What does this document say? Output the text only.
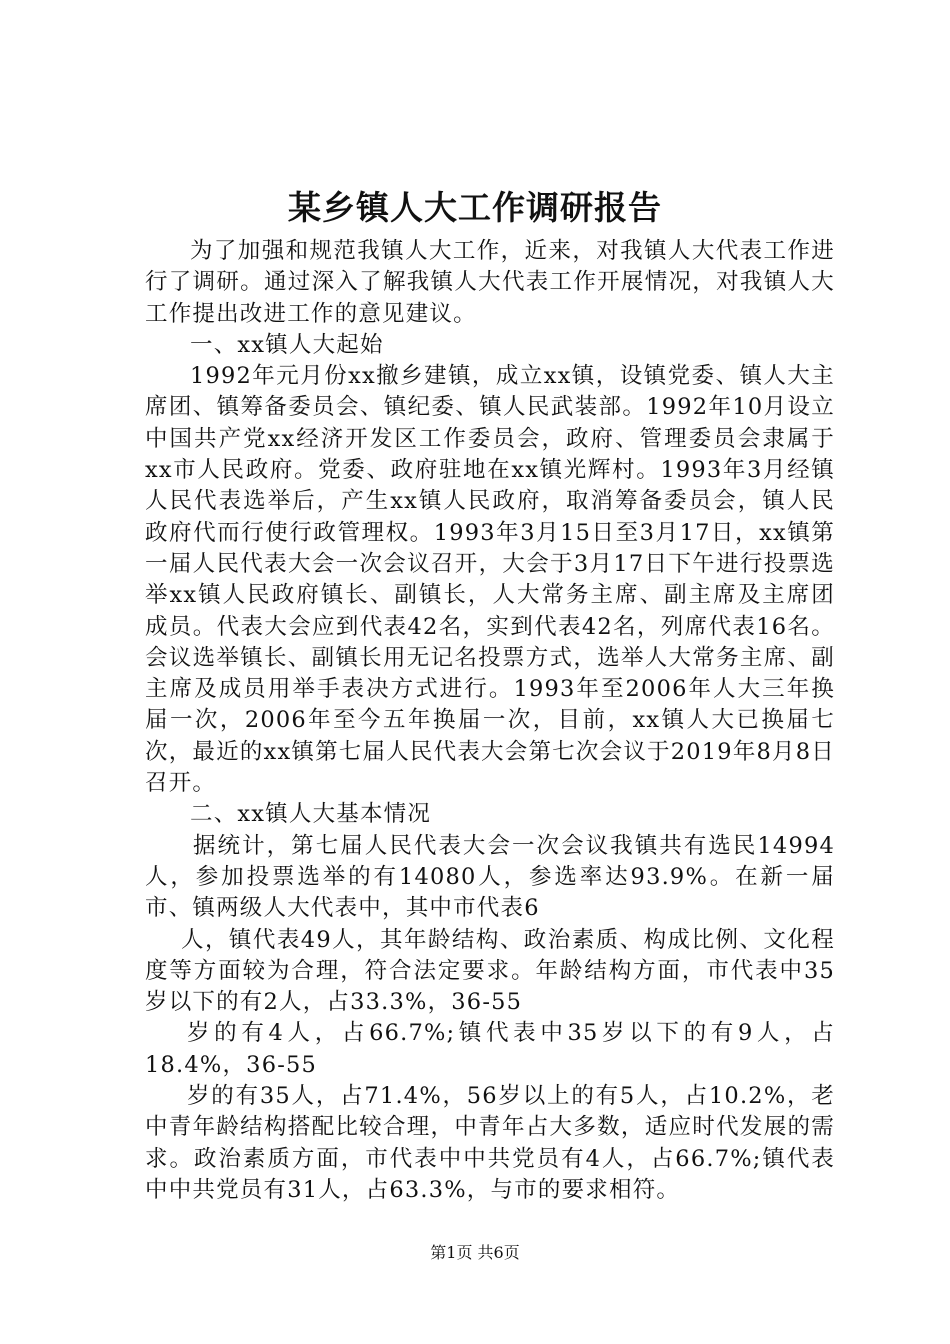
某乡镇人大工作调研报告

为了加强和规范我镇人大工作，近来，对我镇人大代表工作进行了调研。通过深入了解我镇人大代表工作开展情况，对我镇人大工作提出改进工作的意见建议。

一、xx镇人大起始

1992年元月份xx撤乡建镇，成立xx镇，设镇党委、镇人大主席团、镇筹备委员会、镇纪委、镇人民武装部。1992年10月设立中国共产党xx经济开发区工作委员会，政府、管理委员会隶属于xx市人民政府。党委、政府驻地在xx镇光辉村。1993年3月经镇人民代表选举后，产生xx镇人民政府，取消筹备委员会，镇人民政府代而行使行政管理权。1993年3月15日至3月17日，xx镇第一届人民代表大会一次会议召开，大会于3月17日下午进行投票选举xx镇人民政府镇长、副镇长，人大常务主席、副主席及主席团成员。代表大会应到代表42名，实到代表42名，列席代表16名。会议选举镇长、副镇长用无记名投票方式，选举人大常务主席、副主席及成员用举手表决方式进行。1993年至2006年人大三年换届一次，2006年至今五年换届一次，目前，xx镇人大已换届七次，最近的xx镇第七届人民代表大会第七次会议于2019年8月8日召开。

二、xx镇人大基本情况

据统计，第七届人民代表大会一次会议我镇共有选民14994人，参加投票选举的有14080人，参选率达93.9%。在新一届市、镇两级人大代表中，其中市代表6

人，镇代表49人，其年龄结构、政治素质、构成比例、文化程度等方面较为合理，符合法定要求。年龄结构方面，市代表中35岁以下的有2人，占33.3%，36-55

岁的有4人，占66.7%;镇代表中35岁以下的有9人，占18.4%，36-55

岁的有35人，占71.4%，56岁以上的有5人，占10.2%，老中青年龄结构搭配比较合理，中青年占大多数，适应时代发展的需求。政治素质方面，市代表中中共党员有4人，占66.7%;镇代表中中共党员有31人，占63.3%，与市的要求相符。

第1页 共6页
